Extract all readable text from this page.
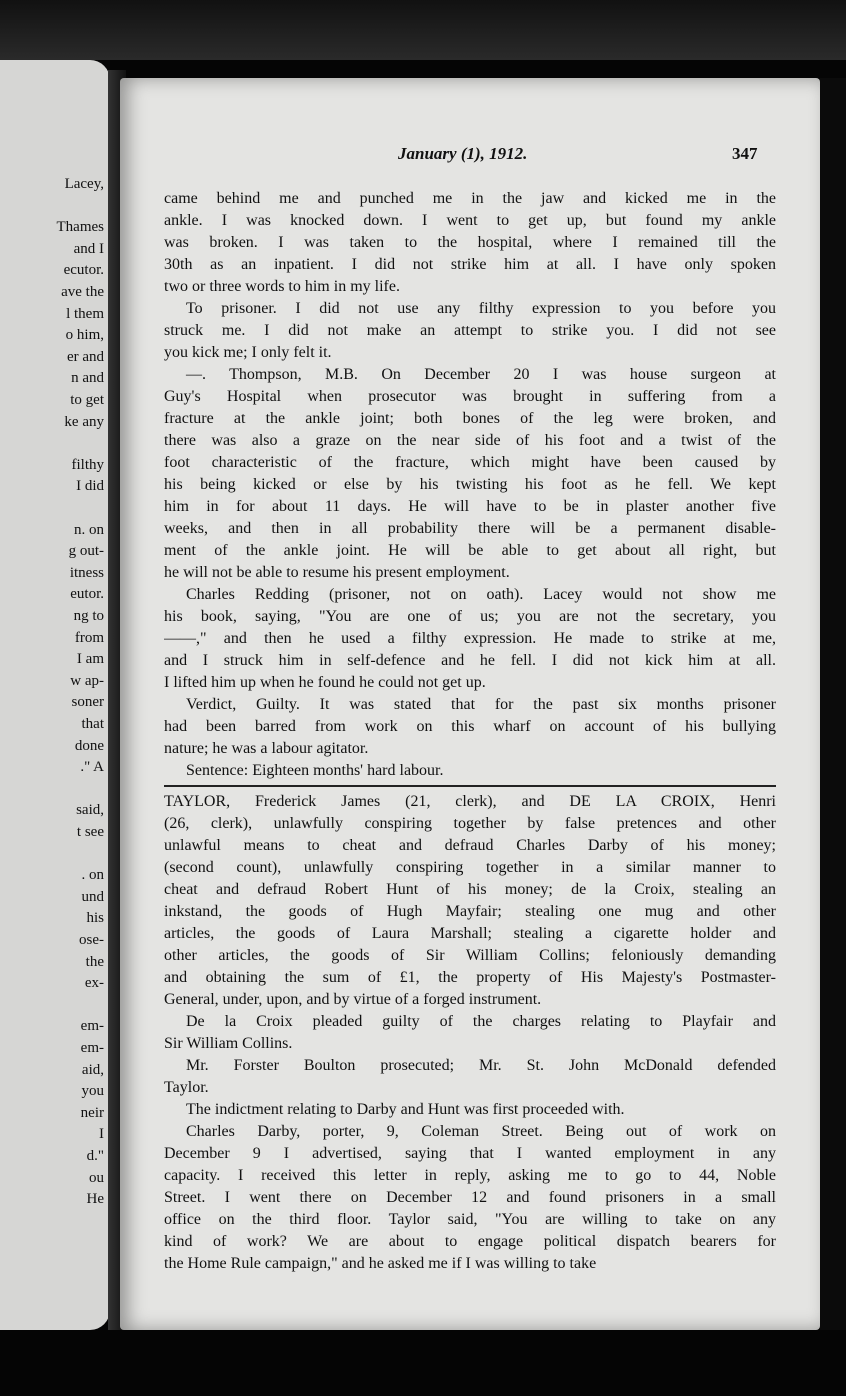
Lacey,
Thames
and I
ecutor.
ave the
l them
o him,
er and
n and
to get
ke any
filthy
I did
n. on
g out-
itness
eutor.
ng to
from
I am
w ap-
soner
that
done
." A
said,
t see
. on
und
his
ose-
the
ex-
em-
em-
aid,
you
neir
I
d."
ou
He
January (1), 1912.	347
came behind me and punched me in the jaw and kicked me in the
ankle. I was knocked down. I went to get up, but found my ankle
was broken. I was taken to the hospital, where I remained till the
30th as an inpatient. I did not strike him at all. I have only spoken
two or three words to him in my life.
To prisoner. I did not use any filthy expression to you before you
struck me. I did not make an attempt to strike you. I did not see
you kick me; I only felt it.
—. Thompson, M.B. On December 20 I was house surgeon at
Guy's Hospital when prosecutor was brought in suffering from a
fracture at the ankle joint; both bones of the leg were broken, and
there was also a graze on the near side of his foot and a twist of the
foot characteristic of the fracture, which might have been caused by
his being kicked or else by his twisting his foot as he fell. We kept
him in for about 11 days. He will have to be in plaster another five
weeks, and then in all probability there will be a permanent disable-
ment of the ankle joint. He will be able to get about all right, but
he will not be able to resume his present employment.
Charles Redding (prisoner, not on oath). Lacey would not show me
his book, saying, "You are one of us; you are not the secretary, you
——," and then he used a filthy expression. He made to strike at me,
and I struck him in self-defence and he fell. I did not kick him at all.
I lifted him up when he found he could not get up.
Verdict, Guilty. It was stated that for the past six months prisoner
had been barred from work on this wharf on account of his bullying
nature; he was a labour agitator.
Sentence: Eighteen months' hard labour.
TAYLOR, Frederick James (21, clerk), and DE LA CROIX, Henri
(26, clerk), unlawfully conspiring together by false pretences and other
unlawful means to cheat and defraud Charles Darby of his money;
(second count), unlawfully conspiring together in a similar manner to
cheat and defraud Robert Hunt of his money; de la Croix, stealing an
inkstand, the goods of Hugh Mayfair; stealing one mug and other
articles, the goods of Laura Marshall; stealing a cigarette holder and
other articles, the goods of Sir William Collins; feloniously demanding
and obtaining the sum of £1, the property of His Majesty's Postmaster-
General, under, upon, and by virtue of a forged instrument.
De la Croix pleaded guilty of the charges relating to Playfair and
Sir William Collins.
Mr. Forster Boulton prosecuted; Mr. St. John McDonald defended
Taylor.
The indictment relating to Darby and Hunt was first proceeded with.
Charles Darby, porter, 9, Coleman Street. Being out of work on
December 9 I advertised, saying that I wanted employment in any
capacity. I received this letter in reply, asking me to go to 44, Noble
Street. I went there on December 12 and found prisoners in a small
office on the third floor. Taylor said, "You are willing to take on any
kind of work? We are about to engage political dispatch bearers for
the Home Rule campaign," and he asked me if I was willing to take
